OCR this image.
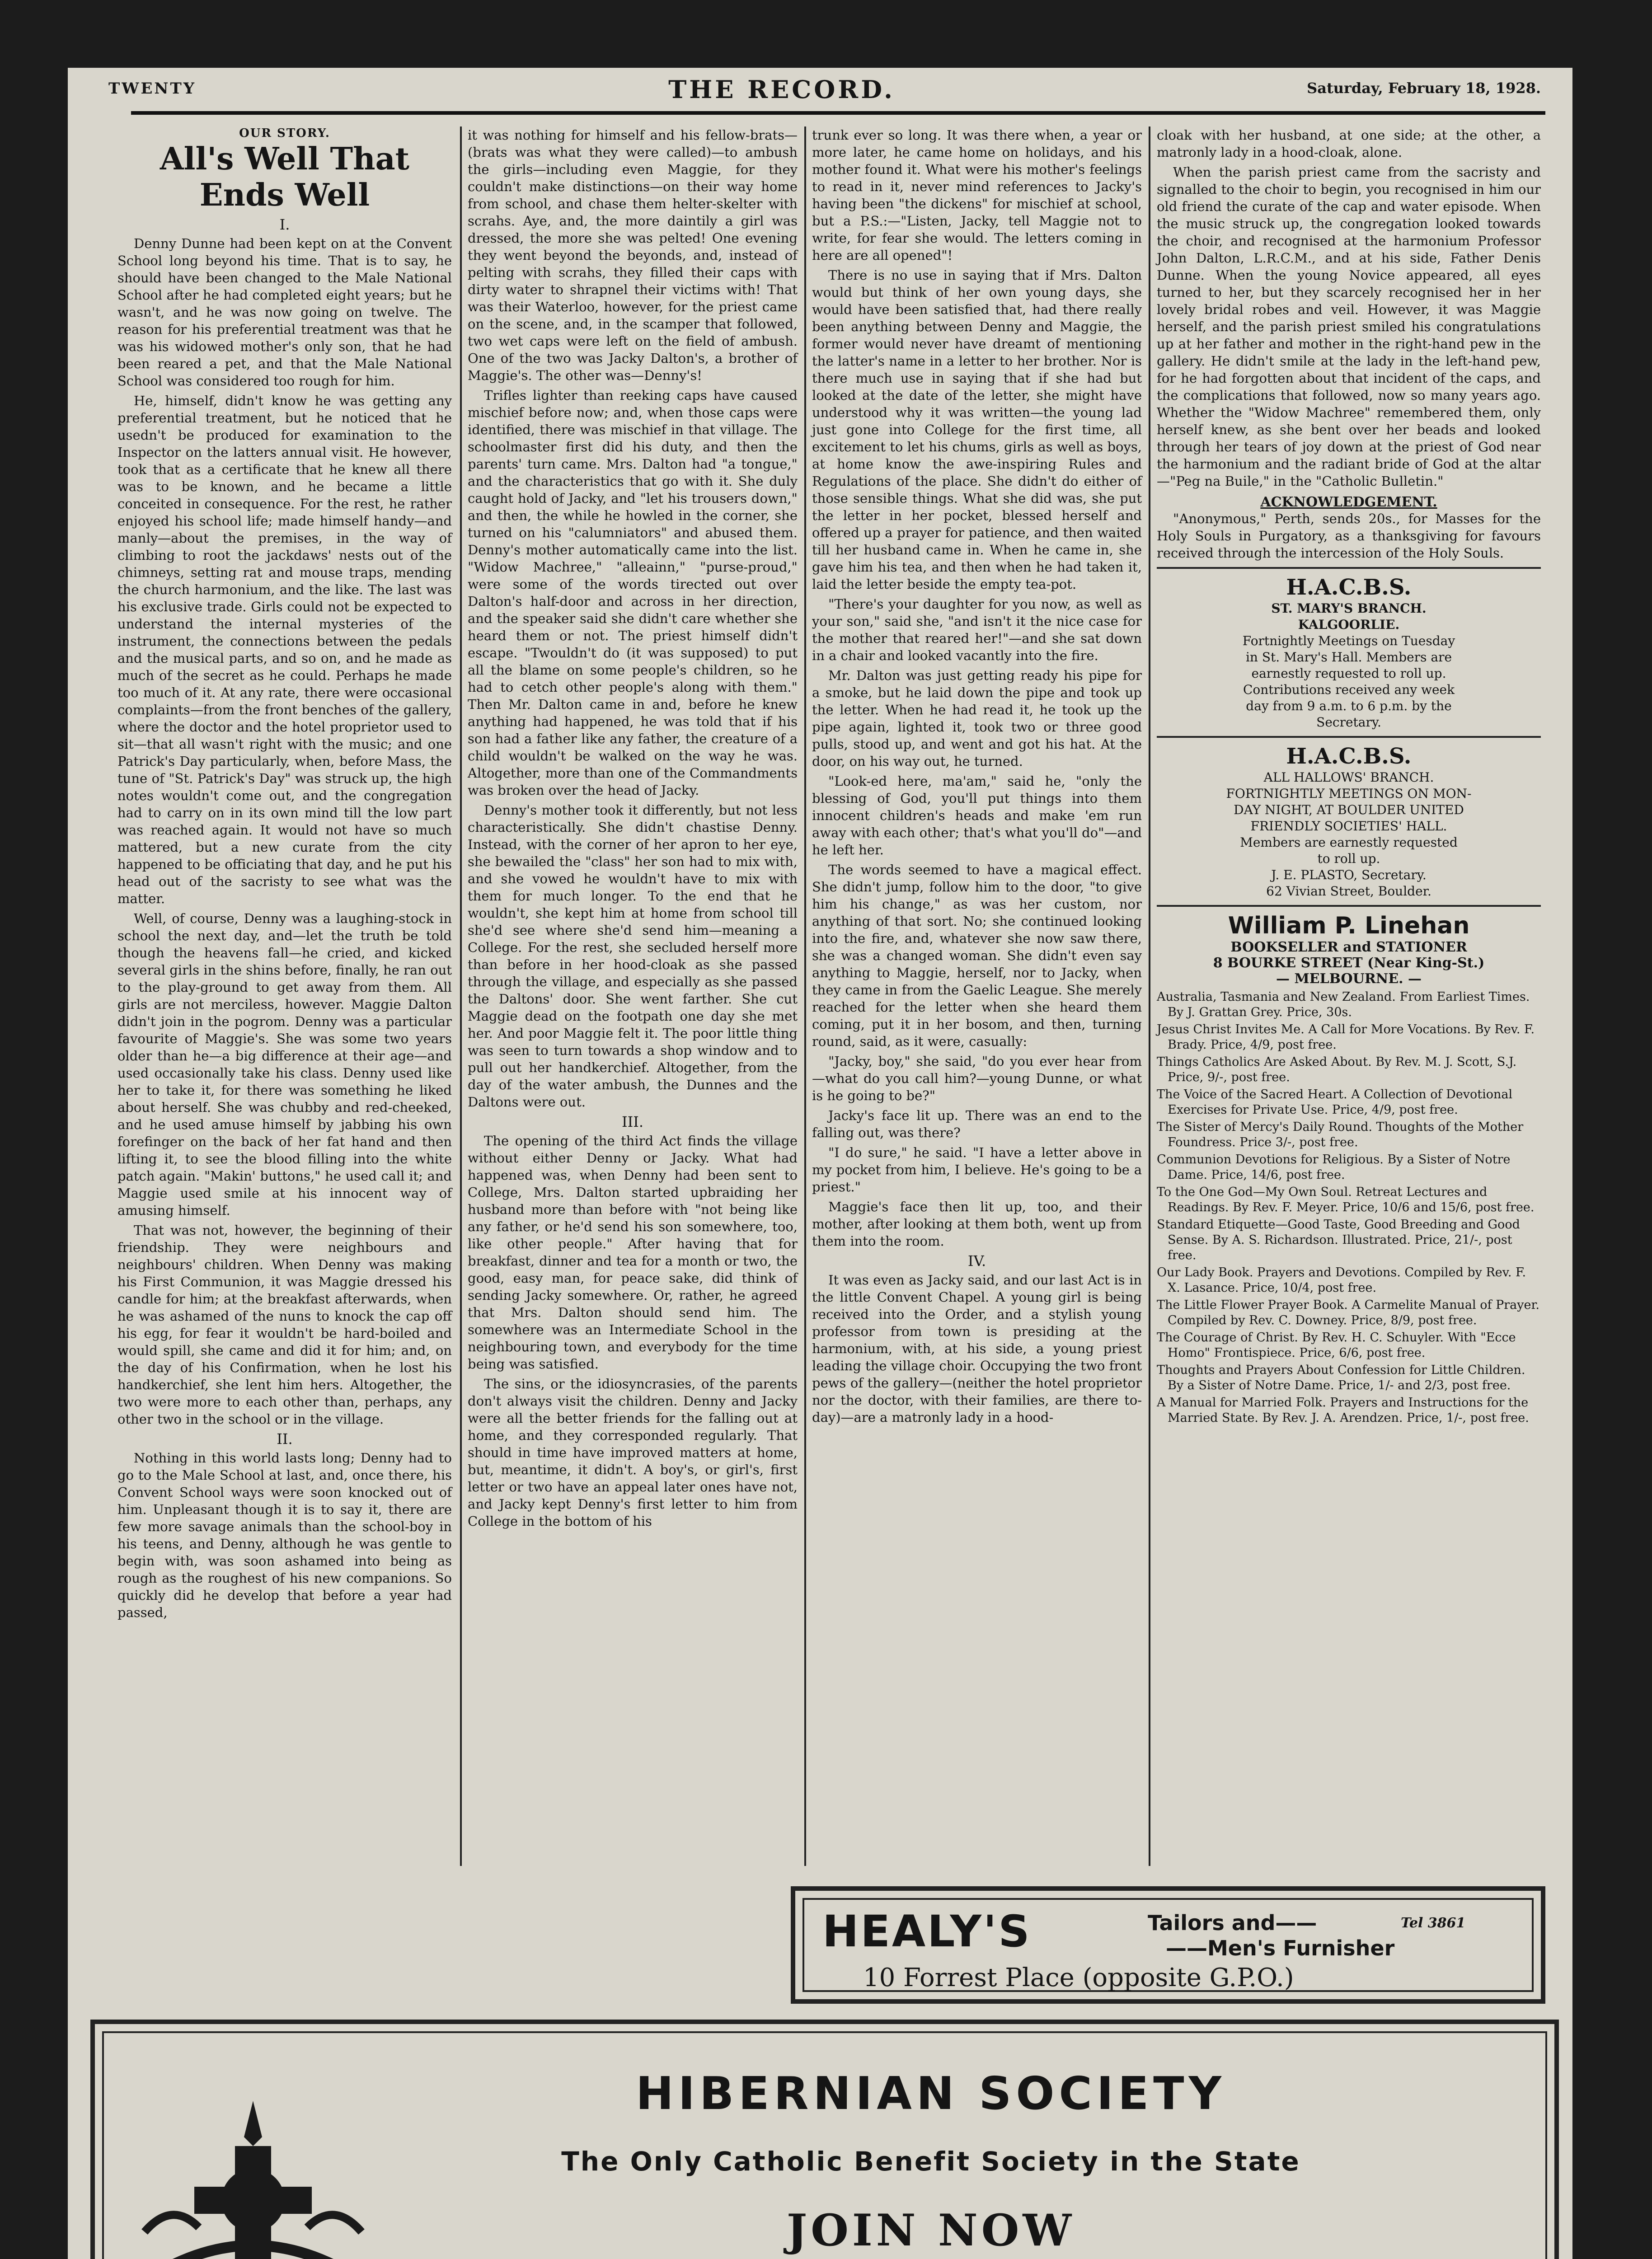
TWENTY	THE RECORD.	Saturday, February 18, 1928.
OUR STORY.
All's Well That Ends Well
I.

Denny Dunne had been kept on at the Convent School long beyond his time. That is to say, he should have been changed to the Male National School after he had completed eight years; but he wasn't, and he was now going on twelve. The reason for his preferential treatment was that he was his widowed mother's only son, that he had been reared a pet, and that the Male National School was considered too rough for him.

He, himself, didn't know he was getting any preferential treatment, but he noticed that he usedn't be produced for examination to the Inspector on the latters annual visit. He however, took that as a certificate that he knew all there was to be known, and he became a little conceited in consequence. For the rest, he rather enjoyed his school life; made himself handy—and manly—about the premises, in the way of climbing to root the jackdaws' nests out of the chimneys, setting rat and mouse traps, mending the church harmonium, and the like. The last was his exclusive trade. Girls could not be expected to understand the internal mysteries of the instrument, the connections between the pedals and the musical parts, and so on, and he made as much of the secret as he could. Perhaps he made too much of it. At any rate, there were occasional complaints—from the front benches of the gallery, where the doctor and the hotel proprietor used to sit—that all wasn't right with the music; and one Patrick's Day particularly, when, before Mass, the tune of "St. Patrick's Day" was struck up, the high notes wouldn't come out, and the congregation had to carry on in its own mind till the low part was reached again. It would not have so much mattered, but a new curate from the city happened to be officiating that day, and he put his head out of the sacristy to see what was the matter.

Well, of course, Denny was a laughing-stock in school the next day, and—let the truth be told though the heavens fall—he cried, and kicked several girls in the shins before, finally, he ran out to the play-ground to get away from them. All girls are not merciless, however. Maggie Dalton didn't join in the pogrom. Denny was a particular favourite of Maggie's. She was some two years older than he—a big difference at their age—and used occasionally take his class. Denny used like her to take it, for there was something he liked about herself. She was chubby and red-cheeked, and he used amuse himself by jabbing his own forefinger on the back of her fat hand and then lifting it, to see the blood filling into the white patch again. "Makin' buttons," he used call it; and Maggie used smile at his innocent way of amusing himself.

That was not, however, the beginning of their friendship. They were neighbours and neighbours' children. When Denny was making his First Communion, it was Maggie dressed his candle for him; at the breakfast afterwards, when he was ashamed of the nuns to knock the cap off his egg, for fear it wouldn't be hard-boiled and would spill, she came and did it for him; and, on the day of his Confirmation, when he lost his handkerchief, she lent him hers. Altogether, the two were more to each other than, perhaps, any other two in the school or in the village.

II.

Nothing in this world lasts long; Denny had to go to the Male School at last, and, once there, his Convent School ways were soon knocked out of him. Unpleasant though it is to say it, there are few more savage animals than the school-boy in his teens, and Denny, although he was gentle to begin with, was soon ashamed into being as rough as the roughest of his new companions. So quickly did he develop that before a year had passed,

it was nothing for himself and his fellow-brats—(brats was what they were called)—to ambush the girls—including even Maggie, for they couldn't make distinctions—on their way home from school, and chase them helter-skelter with scrahs. Aye, and, the more daintily a girl was dressed, the more she was pelted! One evening they went beyond the beyonds, and, instead of pelting with scrahs, they filled their caps with dirty water to shrapnel their victims with! That was their Waterloo, however, for the priest came on the scene, and, in the scamper that followed, two wet caps were left on the field of ambush. One of the two was Jacky Dalton's, a brother of Maggie's. The other was—Denny's!

Trifles lighter than reeking caps have caused mischief before now; and, when those caps were identified, there was mischief in that village. The schoolmaster first did his duty, and then the parents' turn came. Mrs. Dalton had "a tongue," and the characteristics that go with it. She duly caught hold of Jacky, and "let his trousers down," and then, the while he howled in the corner, she turned on his "calumniators" and abused them. Denny's mother automatically came into the list. "Widow Machree," "alleainn," "purse-proud," were some of the words tirected out over Dalton's half-door and across in her direction, and the speaker said she didn't care whether she heard them or not. The priest himself didn't escape. "Twouldn't do (it was supposed) to put all the blame on some people's children, so he had to cetch other people's along with them." Then Mr. Dalton came in and, before he knew anything had happened, he was told that if his son had a father like any father, the creature of a child wouldn't be walked on the way he was. Altogether, more than one of the Commandments was broken over the head of Jacky.

Denny's mother took it differently, but not less characteristically. She didn't chastise Denny. Instead, with the corner of her apron to her eye, she bewailed the "class" her son had to mix with, and she vowed he wouldn't have to mix with them for much longer. To the end that he wouldn't, she kept him at home from school till she'd see where she'd send him—meaning a College. For the rest, she secluded herself more than before in her hood-cloak as she passed through the village, and especially as she passed the Daltons' door. She went farther. She cut Maggie dead on the footpath one day she met her. And poor Maggie felt it. The poor little thing was seen to turn towards a shop window and to pull out her handkerchief. Altogether, from the day of the water ambush, the Dunnes and the Daltons were out.

III.

The opening of the third Act finds the village without either Denny or Jacky. What had happened was, when Denny had been sent to College, Mrs. Dalton started upbraiding her husband more than before with "not being like any father, or he'd send his son somewhere, too, like other people." After having that for breakfast, dinner and tea for a month or two, the good, easy man, for peace sake, did think of sending Jacky somewhere. Or, rather, he agreed that Mrs. Dalton should send him. The somewhere was an Intermediate School in the neighbouring town, and everybody for the time being was satisfied.

The sins, or the idiosyncrasies, of the parents don't always visit the children. Denny and Jacky were all the better friends for the falling out at home, and they corresponded regularly. That should in time have improved matters at home, but, meantime, it didn't. A boy's, or girl's, first letter or two have an appeal later ones have not, and Jacky kept Denny's first letter to him from College in the bottom of his

trunk ever so long. It was there when, a year or more later, he came home on holidays, and his mother found it. What were his mother's feelings to read in it, never mind references to Jacky's having been "the dickens" for mischief at school, but a P.S.:—"Listen, Jacky, tell Maggie not to write, for fear she would. The letters coming in here are all opened"!

There is no use in saying that if Mrs. Dalton would but think of her own young days, she would have been satisfied that, had there really been anything between Denny and Maggie, the former would never have dreamt of mentioning the latter's name in a letter to her brother. Nor is there much use in saying that if she had but looked at the date of the letter, she might have understood why it was written—the young lad just gone into College for the first time, all excitement to let his chums, girls as well as boys, at home know the awe-inspiring Rules and Regulations of the place. She didn't do either of those sensible things. What she did was, she put the letter in her pocket, blessed herself and offered up a prayer for patience, and then waited till her husband came in. When he came in, she gave him his tea, and then when he had taken it, laid the letter beside the empty tea-pot.

"There's your daughter for you now, as well as your son," said she, "and isn't it the nice case for the mother that reared her!"—and she sat down in a chair and looked vacantly into the fire.

Mr. Dalton was just getting ready his pipe for a smoke, but he laid down the pipe and took up the letter. When he had read it, he took up the pipe again, lighted it, took two or three good pulls, stood up, and went and got his hat. At the door, on his way out, he turned.

"Look-ed here, ma'am," said he, "only the blessing of God, you'll put things into them innocent children's heads and make 'em run away with each other; that's what you'll do"—and he left her.

The words seemed to have a magical effect. She didn't jump, follow him to the door, "to give him his change," as was her custom, nor anything of that sort. No; she continued looking into the fire, and, whatever she now saw there, she was a changed woman. She didn't even say anything to Maggie, herself, nor to Jacky, when they came in from the Gaelic League. She merely reached for the letter when she heard them coming, put it in her bosom, and then, turning round, said, as it were, casually:

"Jacky, boy," she said, "do you ever hear from—what do you call him?—young Dunne, or what is he going to be?"

Jacky's face lit up. There was an end to the falling out, was there?

"I do sure," he said. "I have a letter above in my pocket from him, I believe. He's going to be a priest."

Maggie's face then lit up, too, and their mother, after looking at them both, went up from them into the room.

IV.

It was even as Jacky said, and our last Act is in the little Convent Chapel. A young girl is being received into the Order, and a stylish young professor from town is presiding at the harmonium, with, at his side, a young priest leading the village choir. Occupying the two front pews of the gallery—(neither the hotel proprietor nor the doctor, with their families, are there to-day)—are a matronly lady in a hood-

cloak with her husband, at one side; at the other, a matronly lady in a hood-cloak, alone.

When the parish priest came from the sacristy and signalled to the choir to begin, you recognised in him our old friend the curate of the cap and water episode. When the music struck up, the congregation looked towards the choir, and recognised at the harmonium Professor John Dalton, L.R.C.M., and at his side, Father Denis Dunne. When the young Novice appeared, all eyes turned to her, but they scarcely recognised her in her lovely bridal robes and veil. However, it was Maggie herself, and the parish priest smiled his congratulations up at her father and mother in the right-hand pew in the gallery. He didn't smile at the lady in the left-hand pew, for he had forgotten about that incident of the caps, and the complications that followed, now so many years ago. Whether the "Widow Machree" remembered them, only herself knew, as she bent over her beads and looked through her tears of joy down at the priest of God near the harmonium and the radiant bride of God at the altar—"Peg na Buile," in the "Catholic Bulletin."

ACKNOWLEDGEMENT.

"Anonymous," Perth, sends 20s., for Masses for the Holy Souls in Purgatory, as a thanksgiving for favours received through the intercession of the Holy Souls.

H.A.C.B.S.
ST. MARY'S BRANCH.
KALGOORLIE.
Fortnightly Meetings on Tuesday
in St. Mary's Hall. Members are
earnestly requested to roll up.
Contributions received any week
day from 9 a.m. to 6 p.m. by the
Secretary.
H.A.C.B.S.
ALL HALLOWS' BRANCH.
FORTNIGHTLY MEETINGS ON MON-
DAY NIGHT, AT BOULDER UNITED
FRIENDLY SOCIETIES' HALL.
Members are earnestly requested
to roll up.
J. E. PLASTO, Secretary.
62 Vivian Street, Boulder.
William P. Linehan
BOOKSELLER and STATIONER
8 BOURKE STREET (Near King-St.)
— MELBOURNE. —
Australia, Tasmania and New Zealand. From Earliest Times. By J. Grattan Grey. Price, 30s.
Jesus Christ Invites Me. A Call for More Vocations. By Rev. F. Brady. Price, 4/9, post free.
Things Catholics Are Asked About. By Rev. M. J. Scott, S.J. Price, 9/-, post free.
The Voice of the Sacred Heart. A Collection of Devotional Exercises for Private Use. Price, 4/9, post free.
The Sister of Mercy's Daily Round. Thoughts of the Mother Foundress. Price 3/-, post free.
Communion Devotions for Religious. By a Sister of Notre Dame. Price, 14/6, post free.
To the One God—My Own Soul. Retreat Lectures and Readings. By Rev. F. Meyer. Price, 10/6 and 15/6, post free.
Standard Etiquette—Good Taste, Good Breeding and Good Sense. By A. S. Richardson. Illustrated. Price, 21/-, post free.
Our Lady Book. Prayers and Devotions. Compiled by Rev. F. X. Lasance. Price, 10/4, post free.
The Little Flower Prayer Book. A Carmelite Manual of Prayer. Compiled by Rev. C. Downey. Price, 8/9, post free.
The Courage of Christ. By Rev. H. C. Schuyler. With "Ecce Homo" Frontispiece. Price, 6/6, post free.
Thoughts and Prayers About Confession for Little Children. By a Sister of Notre Dame. Price, 1/- and 2/3, post free.
A Manual for Married Folk. Prayers and Instructions for the Married State. By Rev. J. A. Arendzen. Price, 1/-, post free.
HEALY'S	Tailors and——	Tel 3861
——Men's Furnisher
10 Forrest Place (opposite G.P.O.)
HIBERNIAN SOCIETY
The Only Catholic Benefit Society in the State
JOIN NOW
